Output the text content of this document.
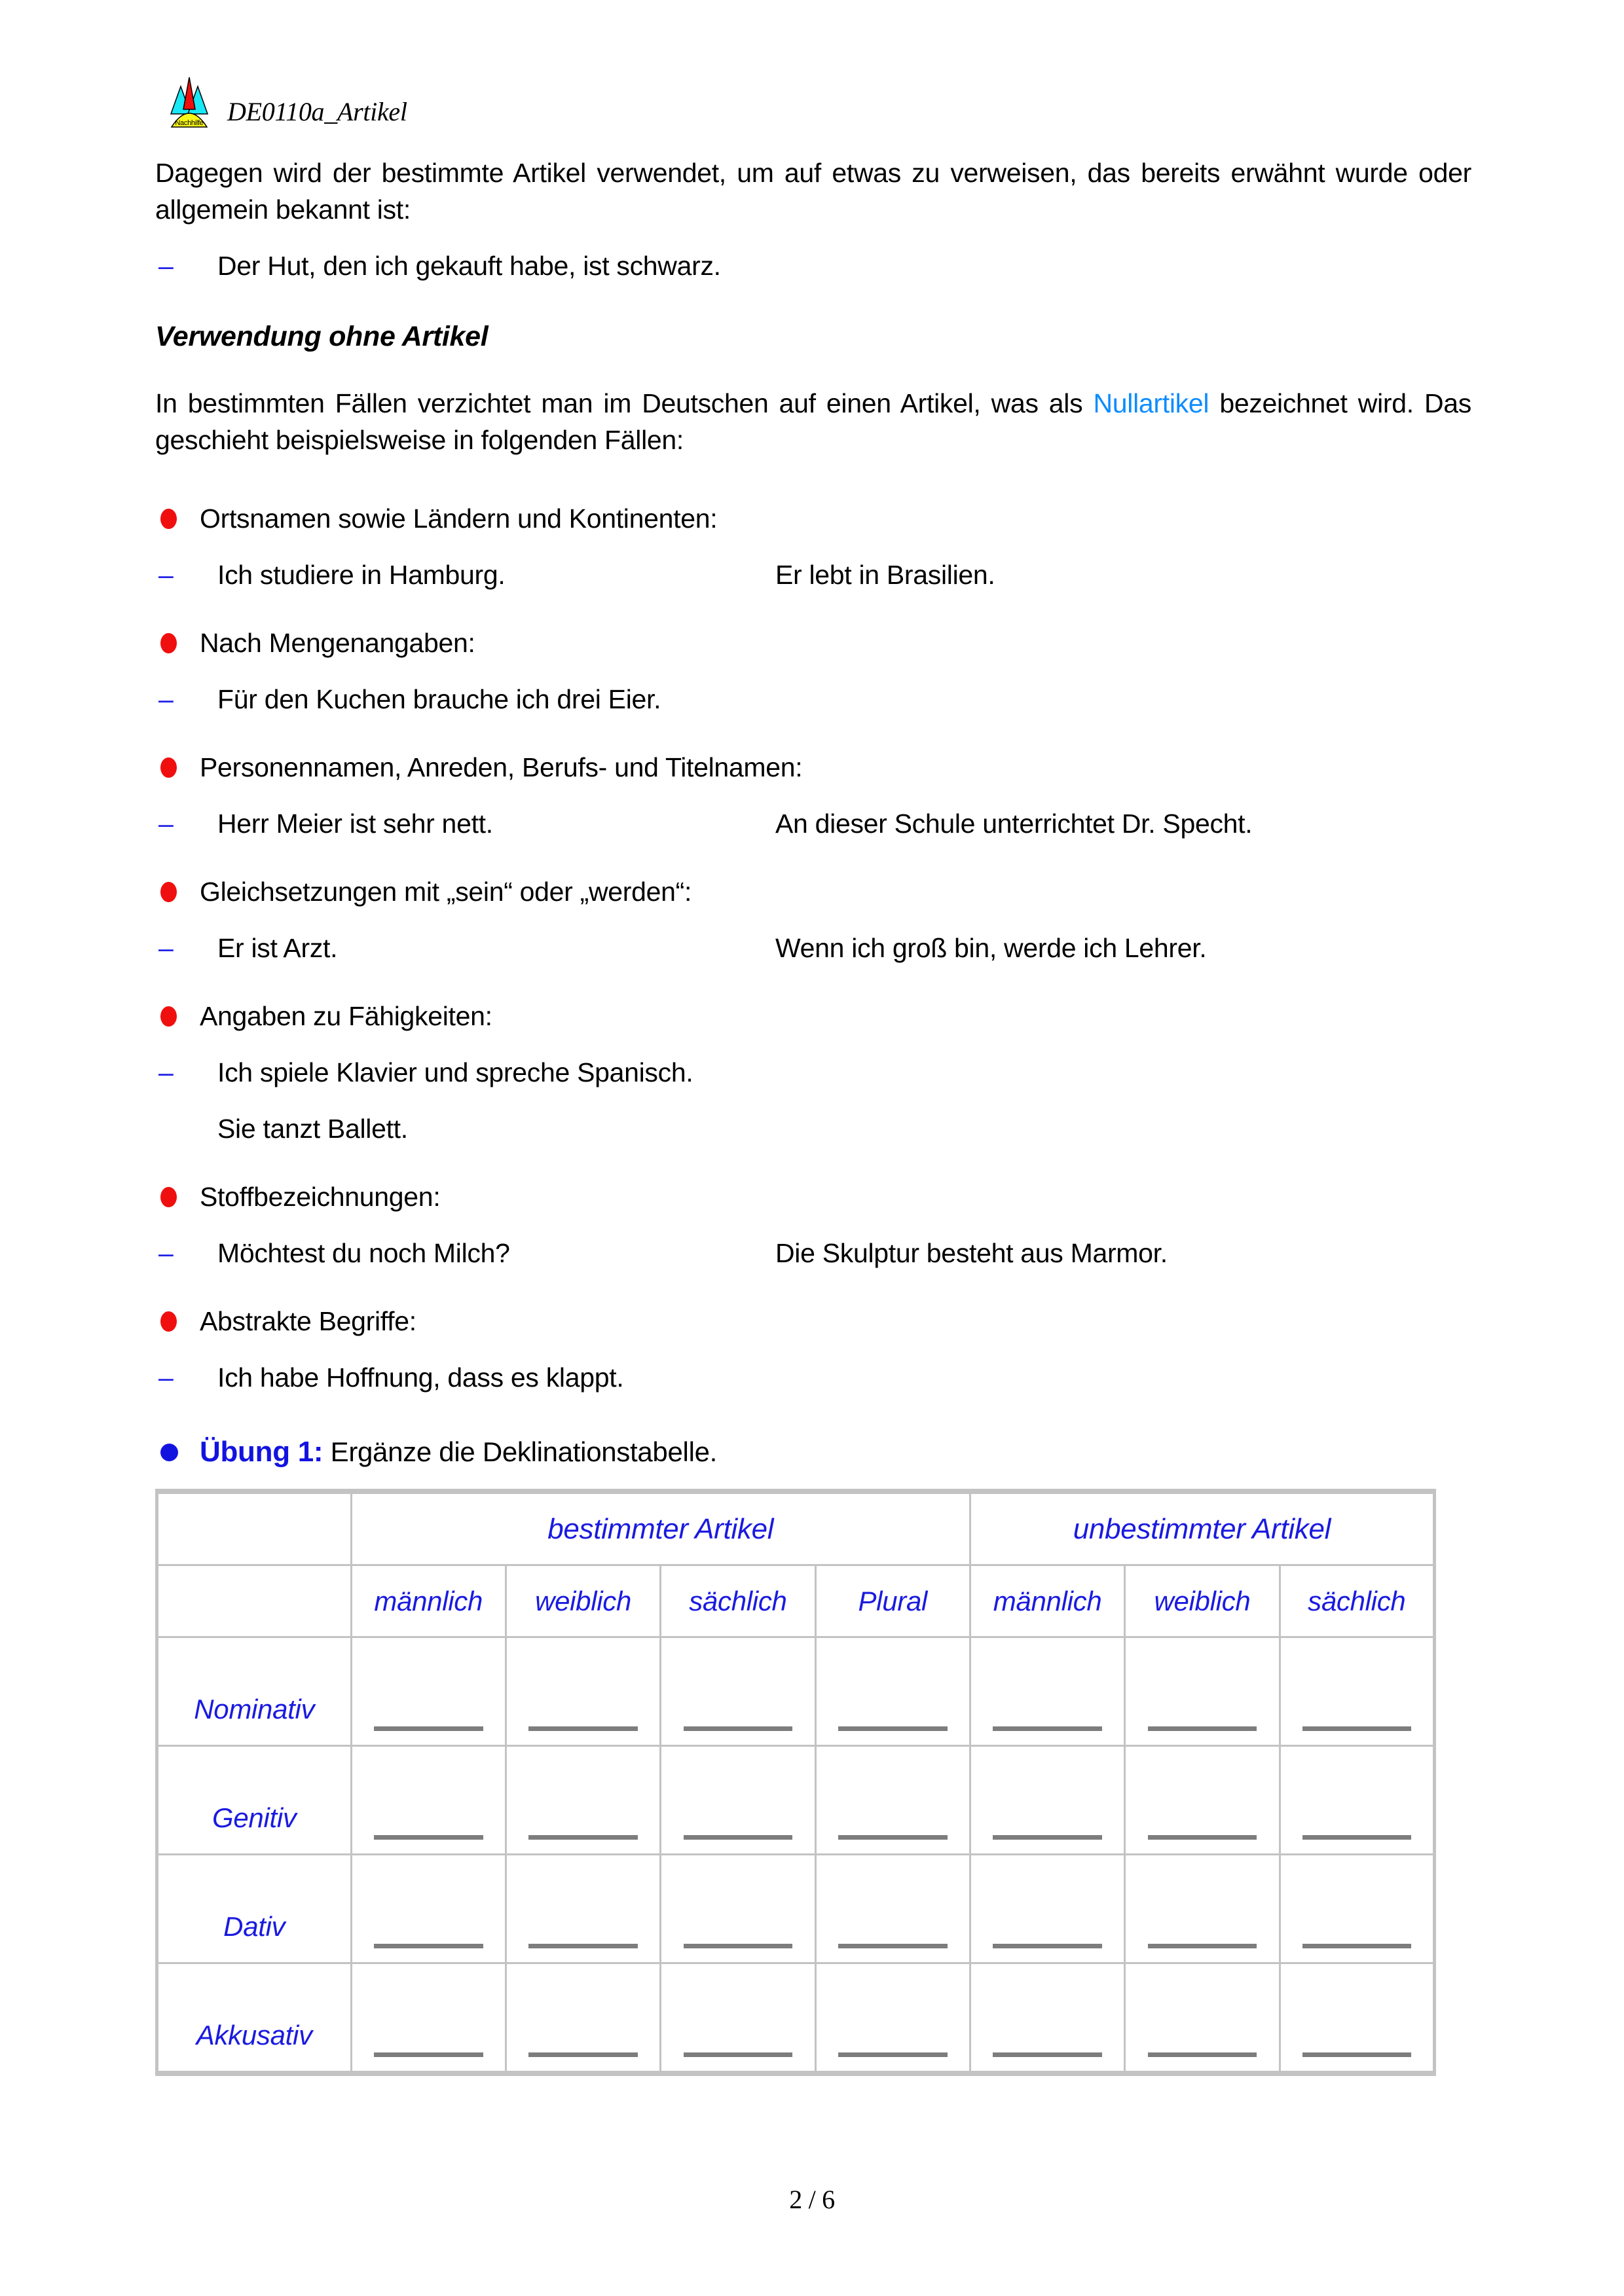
Nachhilfe DE0110a_Artikel

Dagegen wird der bestimmte Artikel verwendet, um auf etwas zu verweisen, das bereits erwähnt wurde oder allgemein bekannt ist:

– Der Hut, den ich gekauft habe, ist schwarz.
Verwendung ohne Artikel

In bestimmten Fällen verzichtet man im Deutschen auf einen Artikel, was als Nullartikel bezeichnet wird. Das geschieht beispielsweise in folgenden Fällen:

Ortsnamen sowie Ländern und Kontinenten:
– Ich studiere in Hamburg.	Er lebt in Brasilien.
Nach Mengenangaben:
– Für den Kuchen brauche ich drei Eier.
Personennamen, Anreden, Berufs- und Titelnamen:
– Herr Meier ist sehr nett.	An dieser Schule unterrichtet Dr. Specht.
Gleichsetzungen mit „sein“ oder „werden“:
– Er ist Arzt.	Wenn ich groß bin, werde ich Lehrer.
Angaben zu Fähigkeiten:
– Ich spiele Klavier und spreche Spanisch.
Sie tanzt Ballett.
Stoffbezeichnungen:
– Möchtest du noch Milch?	Die Skulptur besteht aus Marmor.
Abstrakte Begriffe:
– Ich habe Hoffnung, dass es klappt.
Übung 1: Ergänze die Deklinationstabelle.
	bestimmter Artikel				unbestimmter Artikel		
	männlich	weiblich	sächlich	Plural	männlich	weiblich	sächlich
Nominativ	

Genitiv	

Dativ	

Akkusativ	

2 / 6
